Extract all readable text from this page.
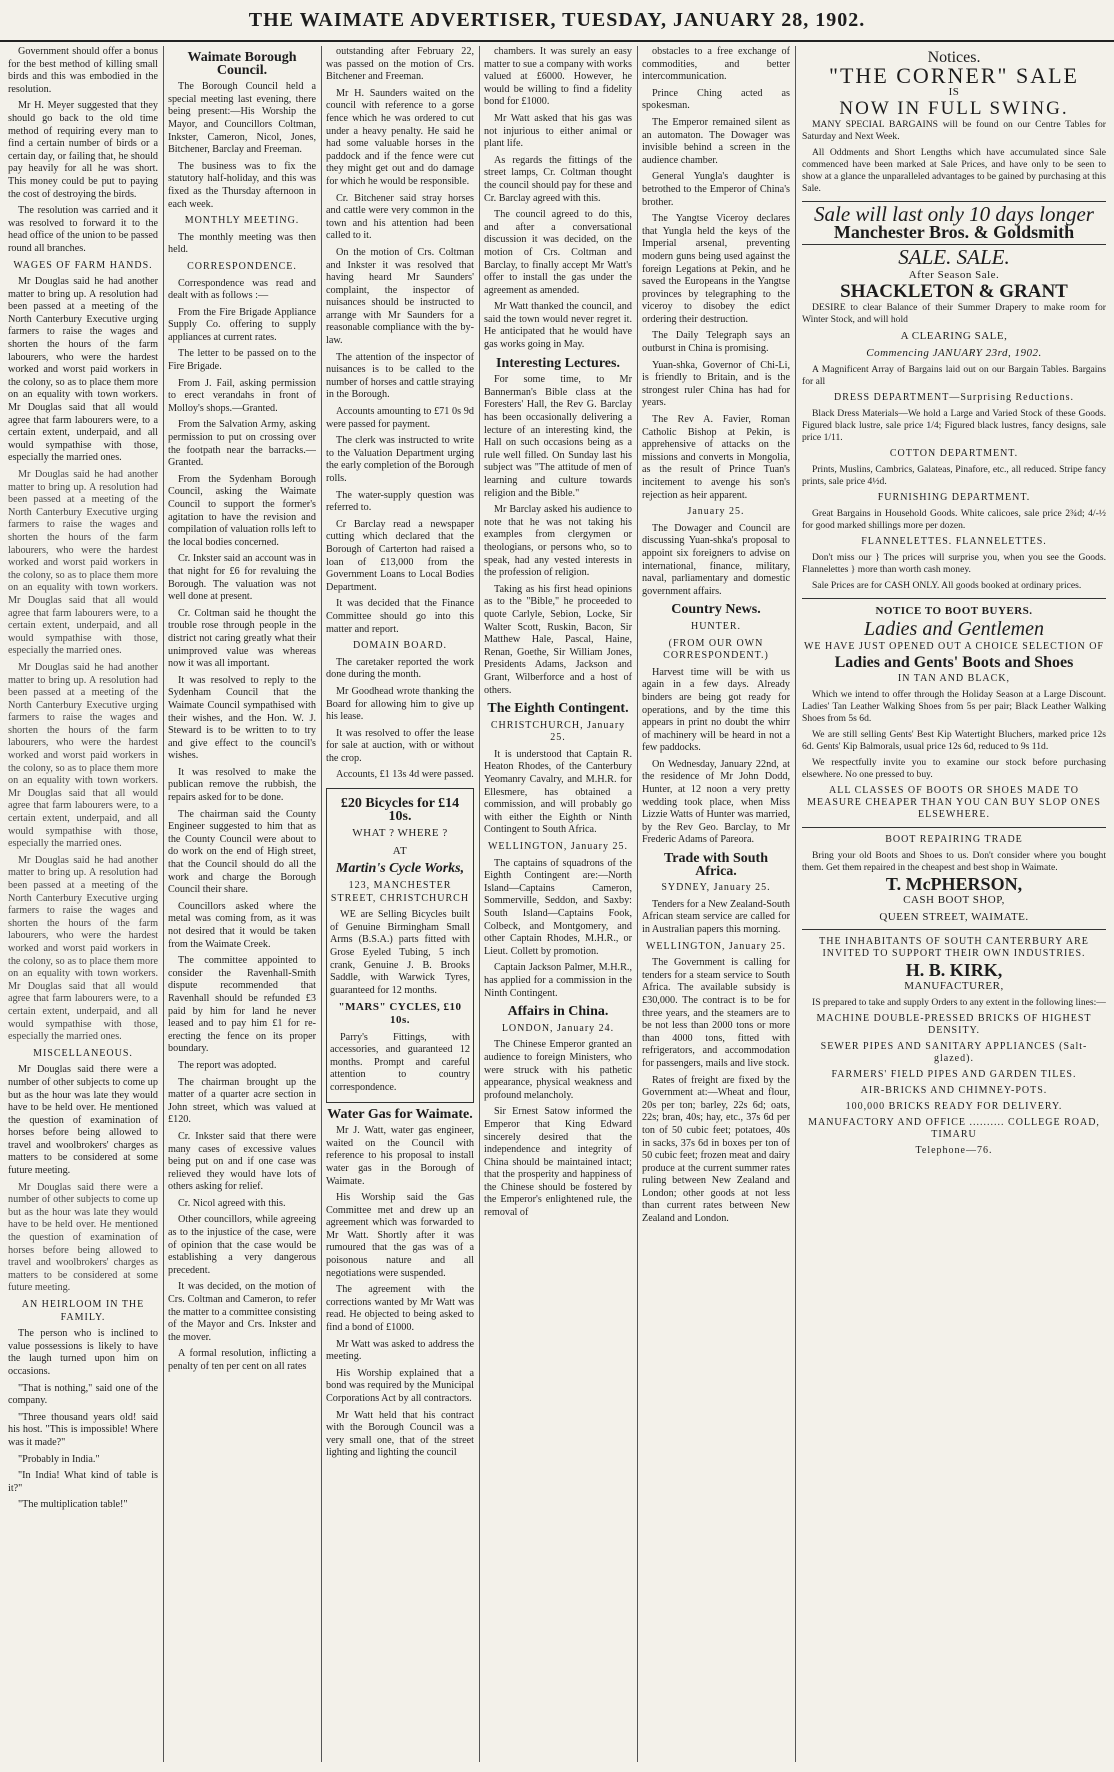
THE WAIMATE ADVERTISER, TUESDAY, JANUARY 28, 1902.

Government should offer a bonus for the best method of killing small birds and this was embodied in the resolution.

Mr H. Meyer suggested that they should go back to the old time method of requiring every man to find a certain number of birds or a certain day, or failing that, he should pay heavily for all he was short. This money could be put to paying the cost of destroying the birds.

The resolution was carried and it was resolved to forward it to the head office of the union to be passed round all branches.

WAGES OF FARM HANDS.

Mr Douglas said he had another matter to bring up. A resolution had been passed at a meeting of the North Canterbury Executive urging farmers to raise the wages and shorten the hours of the farm labourers, who were the hardest worked and worst paid workers in the colony, so as to place them more on an equality with town workers. Mr Douglas said that all would agree that farm labourers were, to a certain extent, underpaid, and all would sympathise with those, especially the married ones.

Mr Douglas said he had another matter to bring up. A resolution had been passed at a meeting of the North Canterbury Executive urging farmers to raise the wages and shorten the hours of the farm labourers, who were the hardest worked and worst paid workers in the colony, so as to place them more on an equality with town workers. Mr Douglas said that all would agree that farm labourers were, to a certain extent, underpaid, and all would sympathise with those, especially the married ones.

Mr Douglas said he had another matter to bring up. A resolution had been passed at a meeting of the North Canterbury Executive urging farmers to raise the wages and shorten the hours of the farm labourers, who were the hardest worked and worst paid workers in the colony, so as to place them more on an equality with town workers. Mr Douglas said that all would agree that farm labourers were, to a certain extent, underpaid, and all would sympathise with those, especially the married ones.

Mr Douglas said he had another matter to bring up. A resolution had been passed at a meeting of the North Canterbury Executive urging farmers to raise the wages and shorten the hours of the farm labourers, who were the hardest worked and worst paid workers in the colony, so as to place them more on an equality with town workers. Mr Douglas said that all would agree that farm labourers were, to a certain extent, underpaid, and all would sympathise with those, especially the married ones.

MISCELLANEOUS.

Mr Douglas said there were a number of other subjects to come up but as the hour was late they would have to be held over. He mentioned the question of examination of horses before being allowed to travel and woolbrokers' charges as matters to be considered at some future meeting.

Mr Douglas said there were a number of other subjects to come up but as the hour was late they would have to be held over. He mentioned the question of examination of horses before being allowed to travel and woolbrokers' charges as matters to be considered at some future meeting.

AN HEIRLOOM IN THE FAMILY.

The person who is inclined to value possessions is likely to have the laugh turned upon him on occasions.

"That is nothing," said one of the company.

"Three thousand years old! said his host. "This is impossible! Where was it made?"

"Probably in India."

"In India! What kind of table is it?"

"The multiplication table!"

Waimate Borough Council.

The Borough Council held a special meeting last evening, there being present:—His Worship the Mayor, and Councillors Coltman, Inkster, Cameron, Nicol, Jones, Bitchener, Barclay and Freeman.

The business was to fix the statutory half-holiday, and this was fixed as the Thursday afternoon in each week.

MONTHLY MEETING.

The monthly meeting was then held.

CORRESPONDENCE.

Correspondence was read and dealt with as follows :—

From the Fire Brigade Appliance Supply Co. offering to supply appliances at current rates.

The letter to be passed on to the Fire Brigade.

From J. Fail, asking permission to erect verandahs in front of Molloy's shops.—Granted.

From the Salvation Army, asking permission to put on crossing over the footpath near the barracks.—Granted.

From the Sydenham Borough Council, asking the Waimate Council to support the former's agitation to have the revision and compilation of valuation rolls left to the local bodies concerned.

Cr. Inkster said an account was in that night for £6 for revaluing the Borough. The valuation was not well done at present.

Cr. Coltman said he thought the trouble rose through people in the district not caring greatly what their unimproved value was whereas now it was all important.

It was resolved to reply to the Sydenham Council that the Waimate Council sympathised with their wishes, and the Hon. W. J. Steward is to be written to to try and give effect to the council's wishes.

It was resolved to make the publican remove the rubbish, the repairs asked for to be done.

The chairman said the County Engineer suggested to him that as the County Council were about to do work on the end of High street, that the Council should do all the work and charge the Borough Council their share.

Councillors asked where the metal was coming from, as it was not desired that it would be taken from the Waimate Creek.

The committee appointed to consider the Ravenhall-Smith dispute recommended that Ravenhall should be refunded £3 paid by him for land he never leased and to pay him £1 for re-erecting the fence on its proper boundary.

The report was adopted.

The chairman brought up the matter of a quarter acre section in John street, which was valued at £120.

Cr. Inkster said that there were many cases of excessive values being put on and if one case was relieved they would have lots of others asking for relief.

Cr. Nicol agreed with this.

Other councillors, while agreeing as to the injustice of the case, were of opinion that the case would be establishing a very dangerous precedent.

It was decided, on the motion of Crs. Coltman and Cameron, to refer the matter to a committee consisting of the Mayor and Crs. Inkster and the mover.

A formal resolution, inflicting a penalty of ten per cent on all rates

outstanding after February 22, was passed on the motion of Crs. Bitchener and Freeman.

Mr H. Saunders waited on the council with reference to a gorse fence which he was ordered to cut under a heavy penalty. He said he had some valuable horses in the paddock and if the fence were cut they might get out and do damage for which he would be responsible.

Cr. Bitchener said stray horses and cattle were very common in the town and his attention had been called to it.

On the motion of Crs. Coltman and Inkster it was resolved that having heard Mr Saunders' complaint, the inspector of nuisances should be instructed to arrange with Mr Saunders for a reasonable compliance with the by-law.

The attention of the inspector of nuisances is to be called to the number of horses and cattle straying in the Borough.

Accounts amounting to £71 0s 9d were passed for payment.

The clerk was instructed to write to the Valuation Department urging the early completion of the Borough rolls.

The water-supply question was referred to.

Cr Barclay read a newspaper cutting which declared that the Borough of Carterton had raised a loan of £13,000 from the Government Loans to Local Bodies Department.

It was decided that the Finance Committee should go into this matter and report.

DOMAIN BOARD.

The caretaker reported the work done during the month.

Mr Goodhead wrote thanking the Board for allowing him to give up his lease.

It was resolved to offer the lease for sale at auction, with or without the crop.

Accounts, £1 13s 4d were passed.

£20 Bicycles for £14 10s.
WHAT ? WHERE ?
AT
Martin's Cycle Works,
123, MANCHESTER STREET, CHRISTCHURCH

WE are Selling Bicycles built of Genuine Birmingham Small Arms (B.S.A.) parts fitted with Grose Eyeled Tubing, 5 inch crank, Genuine J. B. Brooks Saddle, with Warwick Tyres, guaranteed for 12 months.

"MARS" CYCLES, £10 10s.

Parry's Fittings, with accessories, and guaranteed 12 months. Prompt and careful attention to country correspondence.

Water Gas for Waimate.

Mr J. Watt, water gas engineer, waited on the Council with reference to his proposal to install water gas in the Borough of Waimate.

His Worship said the Gas Committee met and drew up an agreement which was forwarded to Mr Watt. Shortly after it was rumoured that the gas was of a poisonous nature and all negotiations were suspended.

The agreement with the corrections wanted by Mr Watt was read. He objected to being asked to find a bond of £1000.

Mr Watt was asked to address the meeting.

His Worship explained that a bond was required by the Municipal Corporations Act by all contractors.

Mr Watt held that his contract with the Borough Council was a very small one, that of the street lighting and lighting the council

chambers. It was surely an easy matter to sue a company with works valued at £6000. However, he would be willing to find a fidelity bond for £1000.

Mr Watt asked that his gas was not injurious to either animal or plant life.

As regards the fittings of the street lamps, Cr. Coltman thought the council should pay for these and Cr. Barclay agreed with this.

The council agreed to do this, and after a conversational discussion it was decided, on the motion of Crs. Coltman and Barclay, to finally accept Mr Watt's offer to install the gas under the agreement as amended.

Mr Watt thanked the council, and said the town would never regret it. He anticipated that he would have gas works going in May.

Interesting Lectures.

For some time, to Mr Bannerman's Bible class at the Foresters' Hall, the Rev G. Barclay has been occasionally delivering a lecture of an interesting kind, the Hall on such occasions being as a rule well filled. On Sunday last his subject was "The attitude of men of learning and culture towards religion and the Bible."

Mr Barclay asked his audience to note that he was not taking his examples from clergymen or theologians, or persons who, so to speak, had any vested interests in the profession of religion.

Taking as his first head opinions as to the "Bible," he proceeded to quote Carlyle, Sebion, Locke, Sir Walter Scott, Ruskin, Bacon, Sir Matthew Hale, Pascal, Haine, Renan, Goethe, Sir William Jones, Presidents Adams, Jackson and Grant, Wilberforce and a host of others.

The Eighth Contingent.
CHRISTCHURCH, January 25.

It is understood that Captain R. Heaton Rhodes, of the Canterbury Yeomanry Cavalry, and M.H.R. for Ellesmere, has obtained a commission, and will probably go with either the Eighth or Ninth Contingent to South Africa.

WELLINGTON, January 25.

The captains of squadrons of the Eighth Contingent are:—North Island—Captains Cameron, Sommerville, Seddon, and Saxby: South Island—Captains Fook, Colbeck, and Montgomery, and other Captain Rhodes, M.H.R., or Lieut. Collett by promotion.

Captain Jackson Palmer, M.H.R., has applied for a commission in the Ninth Contingent.

Affairs in China.
LONDON, January 24.

The Chinese Emperor granted an audience to foreign Ministers, who were struck with his pathetic appearance, physical weakness and profound melancholy.

Sir Ernest Satow informed the Emperor that King Edward sincerely desired that the independence and integrity of China should be maintained intact; that the prosperity and happiness of the Chinese should be fostered by the Emperor's enlightened rule, the removal of

obstacles to a free exchange of commodities, and better intercommunication.

Prince Ching acted as spokesman.

The Emperor remained silent as an automaton. The Dowager was invisible behind a screen in the audience chamber.

General Yungla's daughter is betrothed to the Emperor of China's brother.

The Yangtse Viceroy declares that Yungla held the keys of the Imperial arsenal, preventing modern guns being used against the foreign Legations at Pekin, and he saved the Europeans in the Yangtse provinces by telegraphing to the viceroy to disobey the edict ordering their destruction.

The Daily Telegraph says an outburst in China is promising.

Yuan-shka, Governor of Chi-Li, is friendly to Britain, and is the strongest ruler China has had for years.

The Rev A. Favier, Roman Catholic Bishop at Pekin, is apprehensive of attacks on the missions and converts in Mongolia, as the result of Prince Tuan's incitement to avenge his son's rejection as heir apparent.

January 25.

The Dowager and Council are discussing Yuan-shka's proposal to appoint six foreigners to advise on international, finance, military, naval, parliamentary and domestic government affairs.

Country News.
HUNTER.
(FROM OUR OWN CORRESPONDENT.)

Harvest time will be with us again in a few days. Already binders are being got ready for operations, and by the time this appears in print no doubt the whirr of machinery will be heard in not a few paddocks.

On Wednesday, January 22nd, at the residence of Mr John Dodd, Hunter, at 12 noon a very pretty wedding took place, when Miss Lizzie Watts of Hunter was married, by the Rev Geo. Barclay, to Mr Frederic Adams of Pareora.

Trade with South Africa.
SYDNEY, January 25.

Tenders for a New Zealand-South African steam service are called for in Australian papers this morning.

WELLINGTON, January 25.

The Government is calling for tenders for a steam service to South Africa. The available subsidy is £30,000. The contract is to be for three years, and the steamers are to be not less than 2000 tons or more than 4000 tons, fitted with refrigerators, and accommodation for passengers, mails and live stock.

Rates of freight are fixed by the Government at:—Wheat and flour, 20s per ton; barley, 22s 6d; oats, 22s; bran, 40s; hay, etc., 37s 6d per ton of 50 cubic feet; potatoes, 40s in sacks, 37s 6d in boxes per ton of 50 cubic feet; frozen meat and dairy produce at the current summer rates ruling between New Zealand and London; other goods at not less than current rates between New Zealand and London.

Notices.
"THE CORNER" SALE
IS
NOW IN FULL SWING.

MANY SPECIAL BARGAINS will be found on our Centre Tables for Saturday and Next Week.

All Oddments and Short Lengths which have accumulated since Sale commenced have been marked at Sale Prices, and have only to be seen to show at a glance the unparalleled advantages to be gained by purchasing at this Sale.

Sale will last only 10 days longer
Manchester Bros. & Goldsmith
SALE. SALE.
After Season Sale.
SHACKLETON & GRANT

DESIRE to clear Balance of their Summer Drapery to make room for Winter Stock, and will hold

A CLEARING SALE,
Commencing JANUARY 23rd, 1902.

A Magnificent Array of Bargains laid out on our Bargain Tables. Bargains for all

DRESS DEPARTMENT—Surprising Reductions.

Black Dress Materials—We hold a Large and Varied Stock of these Goods. Figured black lustre, sale price 1/4; Figured black lustres, fancy designs, sale price 1/11.

COTTON DEPARTMENT.

Prints, Muslins, Cambrics, Galateas, Pinafore, etc., all reduced. Stripe fancy prints, sale price 4½d.

FURNISHING DEPARTMENT.

Great Bargains in Household Goods. White calicoes, sale price 2¾d; 4/-½ for good marked shillings more per dozen.

FLANNELETTES. FLANNELETTES.

Don't miss our } The prices will surprise you, when you see the Goods. Flannelettes } more than worth cash money.

Sale Prices are for CASH ONLY. All goods booked at ordinary prices.

NOTICE TO BOOT BUYERS.
Ladies and Gentlemen
WE HAVE JUST OPENED OUT A CHOICE SELECTION OF
Ladies and Gents' Boots and Shoes
IN TAN AND BLACK,

Which we intend to offer through the Holiday Season at a Large Discount. Ladies' Tan Leather Walking Shoes from 5s per pair; Black Leather Walking Shoes from 5s 6d.

We are still selling Gents' Best Kip Watertight Bluchers, marked price 12s 6d. Gents' Kip Balmorals, usual price 12s 6d, reduced to 9s 11d.

We respectfully invite you to examine our stock before purchasing elsewhere. No one pressed to buy.

ALL CLASSES OF BOOTS OR SHOES MADE TO MEASURE CHEAPER THAN YOU CAN BUY SLOP ONES ELSEWHERE.
BOOT REPAIRING TRADE

Bring your old Boots and Shoes to us. Don't consider where you bought them. Get them repaired in the cheapest and best shop in Waimate.

T. McPHERSON,
CASH BOOT SHOP,
QUEEN STREET, WAIMATE.
THE INHABITANTS OF SOUTH CANTERBURY ARE INVITED TO SUPPORT THEIR OWN INDUSTRIES.
H. B. KIRK,
MANUFACTURER,

IS prepared to take and supply Orders to any extent in the following lines:—

MACHINE DOUBLE-PRESSED BRICKS OF HIGHEST DENSITY.
SEWER PIPES AND SANITARY APPLIANCES (Salt-glazed).
FARMERS' FIELD PIPES AND GARDEN TILES.
AIR-BRICKS AND CHIMNEY-POTS.
100,000 BRICKS READY FOR DELIVERY.
MANUFACTORY AND OFFICE .......... COLLEGE ROAD, TIMARU
Telephone—76.
